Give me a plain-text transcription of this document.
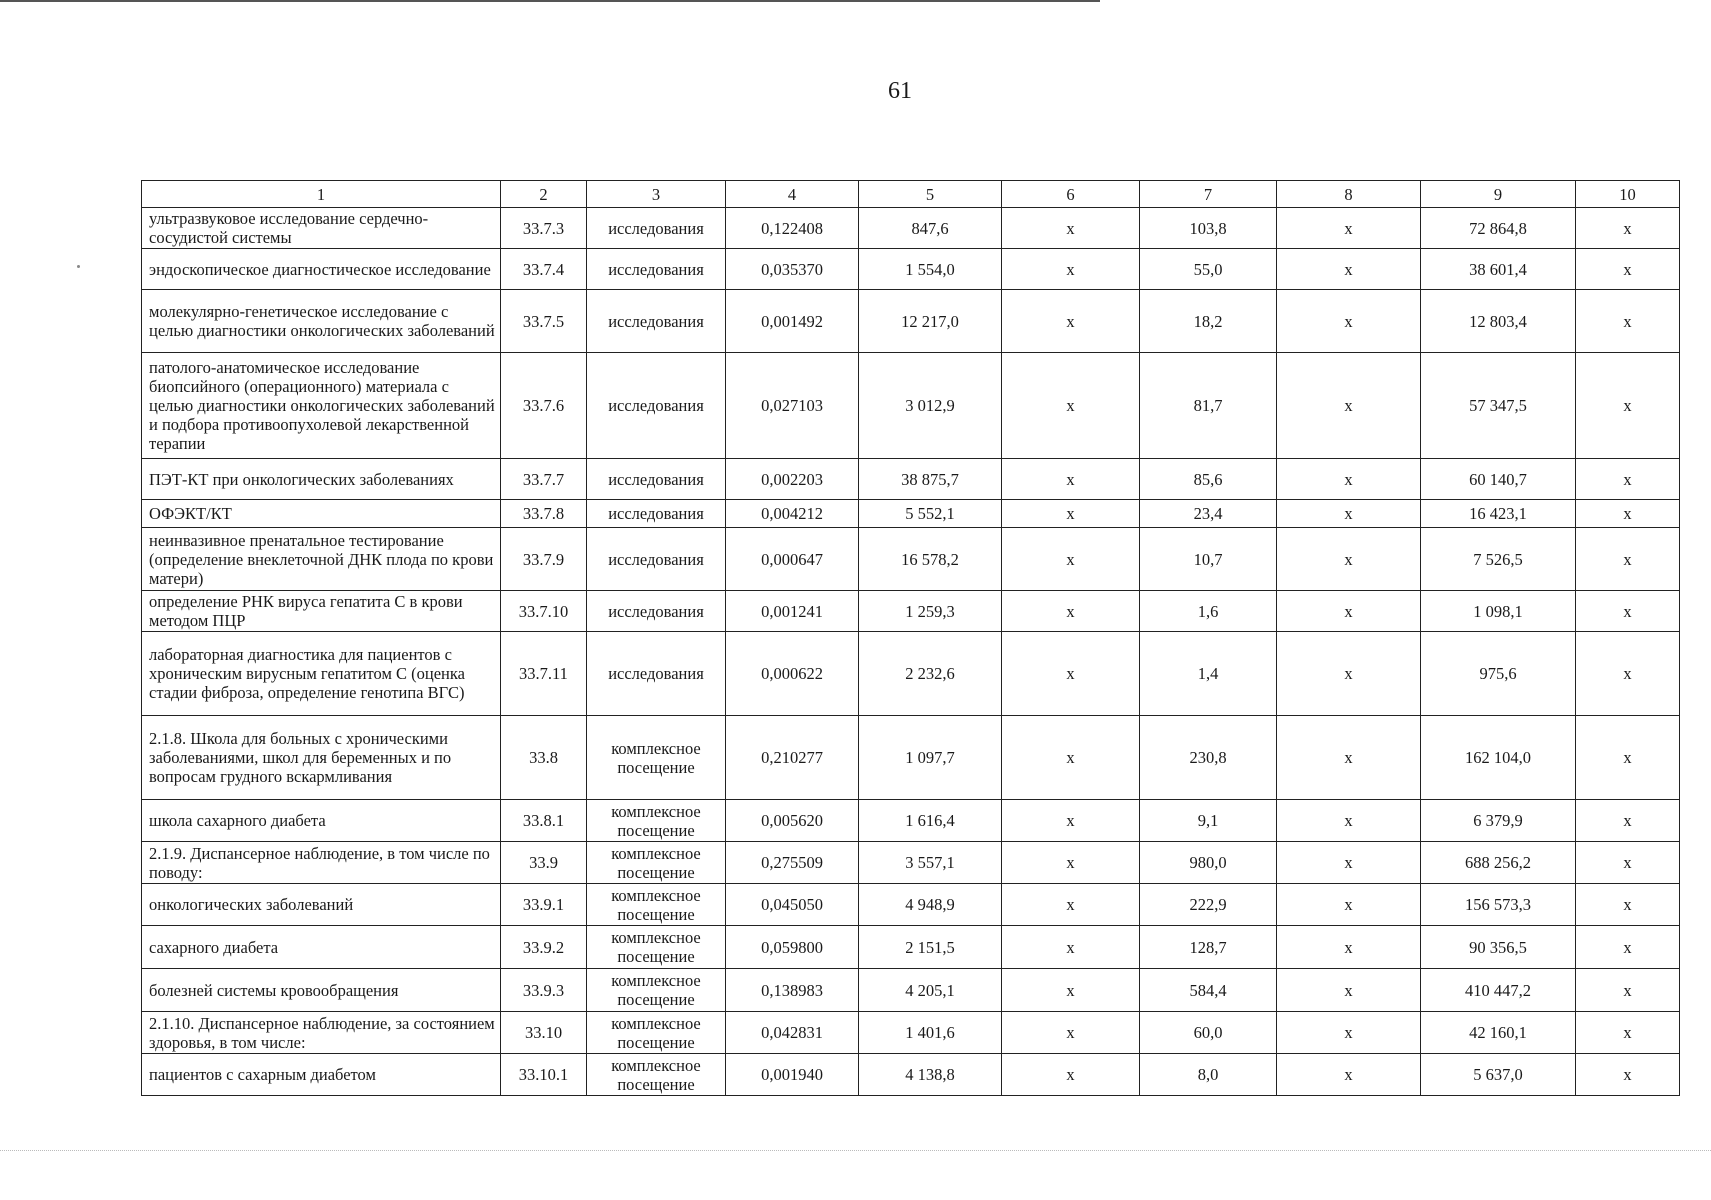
61
1	2	3	4	5	6	7	8	9	10
ультразвуковое исследование сердечно-сосудистой системы	33.7.3	исследования	0,122408	847,6	х	103,8	х	72 864,8	х
эндоскопическое диагностическое исследование	33.7.4	исследования	0,035370	1 554,0	х	55,0	х	38 601,4	х
молекулярно-генетическое исследование с целью диагностики онкологических заболеваний	33.7.5	исследования	0,001492	12 217,0	х	18,2	х	12 803,4	х
патолого-анатомическое исследование биопсийного (операционного) материала с целью диагностики онкологических заболеваний и подбора противоопухолевой лекарственной терапии	33.7.6	исследования	0,027103	3 012,9	х	81,7	х	57 347,5	х
ПЭТ-КТ при онкологических заболеваниях	33.7.7	исследования	0,002203	38 875,7	х	85,6	х	60 140,7	х
ОФЭКТ/КТ	33.7.8	исследования	0,004212	5 552,1	х	23,4	х	16 423,1	х
неинвазивное пренатальное тестирование (определение внеклеточной ДНК плода по крови матери)	33.7.9	исследования	0,000647	16 578,2	х	10,7	х	7 526,5	х
определение РНК вируса гепатита С в крови методом ПЦР	33.7.10	исследования	0,001241	1 259,3	х	1,6	х	1 098,1	х
лабораторная диагностика для пациентов с хроническим вирусным гепатитом С (оценка стадии фиброза, определение генотипа ВГС)	33.7.11	исследования	0,000622	2 232,6	х	1,4	х	975,6	х
2.1.8. Школа для больных с хроническими заболеваниями, школ для беременных и по вопросам грудного вскармливания	33.8	комплексное посещение	0,210277	1 097,7	х	230,8	х	162 104,0	х
школа сахарного диабета	33.8.1	комплексное посещение	0,005620	1 616,4	х	9,1	х	6 379,9	х
2.1.9. Диспансерное наблюдение, в том числе по поводу:	33.9	комплексное посещение	0,275509	3 557,1	х	980,0	х	688 256,2	х
онкологических заболеваний	33.9.1	комплексное посещение	0,045050	4 948,9	х	222,9	х	156 573,3	х
сахарного диабета	33.9.2	комплексное посещение	0,059800	2 151,5	х	128,7	х	90 356,5	х
болезней системы кровообращения	33.9.3	комплексное посещение	0,138983	4 205,1	х	584,4	х	410 447,2	х
2.1.10. Диспансерное наблюдение, за состоянием здоровья, в том числе:	33.10	комплексное посещение	0,042831	1 401,6	х	60,0	х	42 160,1	х
пациентов с сахарным диабетом	33.10.1	комплексное посещение	0,001940	4 138,8	х	8,0	х	5 637,0	х
